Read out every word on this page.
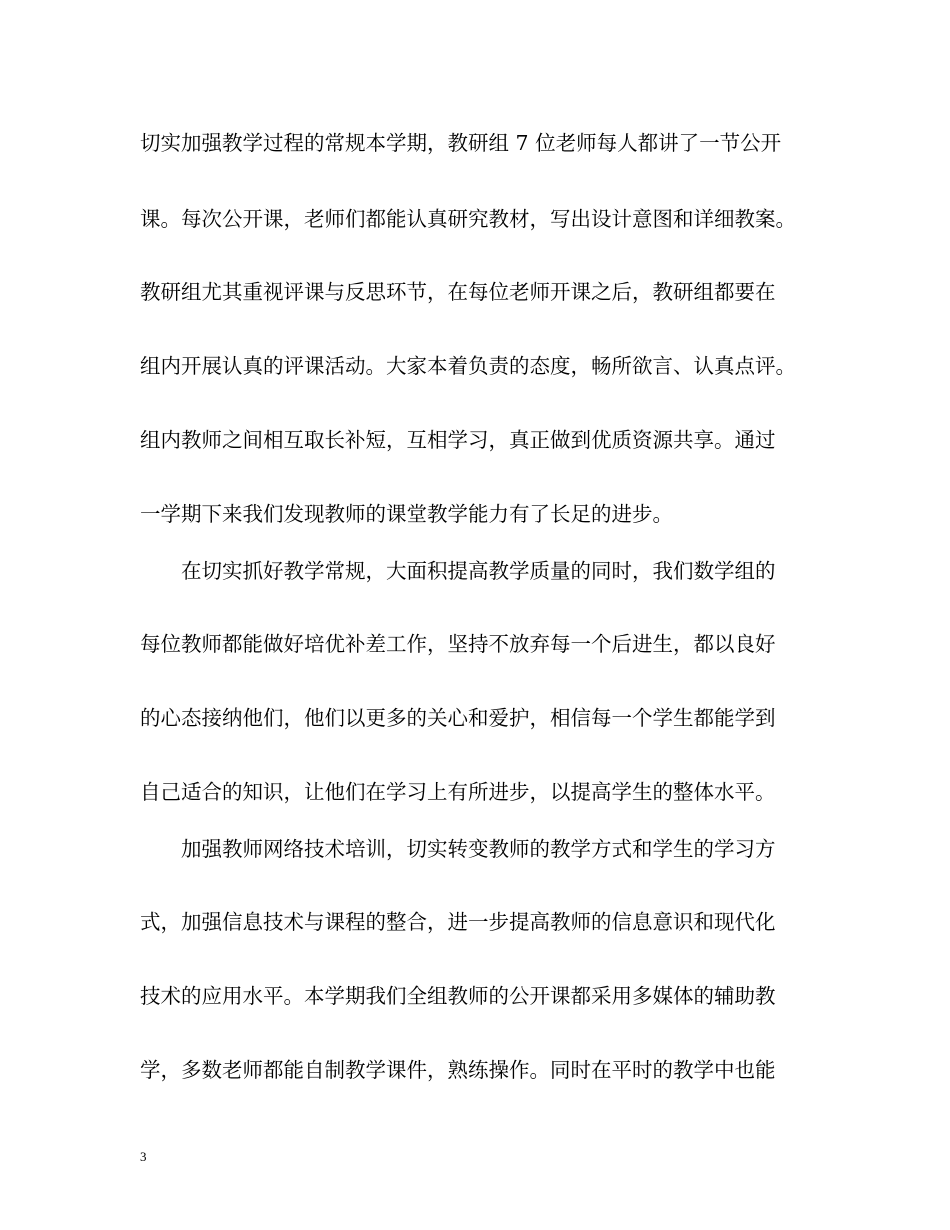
切实加强教学过程的常规本学期，教研组 7 位老师每人都讲了一节公开
课。每次公开课，老师们都能认真研究教材，写出设计意图和详细教案。
教研组尤其重视评课与反思环节，在每位老师开课之后，教研组都要在
组内开展认真的评课活动。大家本着负责的态度，畅所欲言、认真点评。
组内教师之间相互取长补短，互相学习，真正做到优质资源共享。通过
一学期下来我们发现教师的课堂教学能力有了长足的进步。
在切实抓好教学常规，大面积提高教学质量的同时，我们数学组的
每位教师都能做好培优补差工作，坚持不放弃每一个后进生，都以良好
的心态接纳他们，他们以更多的关心和爱护，相信每一个学生都能学到
自己适合的知识，让他们在学习上有所进步，以提高学生的整体水平。
加强教师网络技术培训，切实转变教师的教学方式和学生的学习方
式，加强信息技术与课程的整合，进一步提高教师的信息意识和现代化
技术的应用水平。本学期我们全组教师的公开课都采用多媒体的辅助教
学，多数老师都能自制教学课件，熟练操作。同时在平时的教学中也能
3
